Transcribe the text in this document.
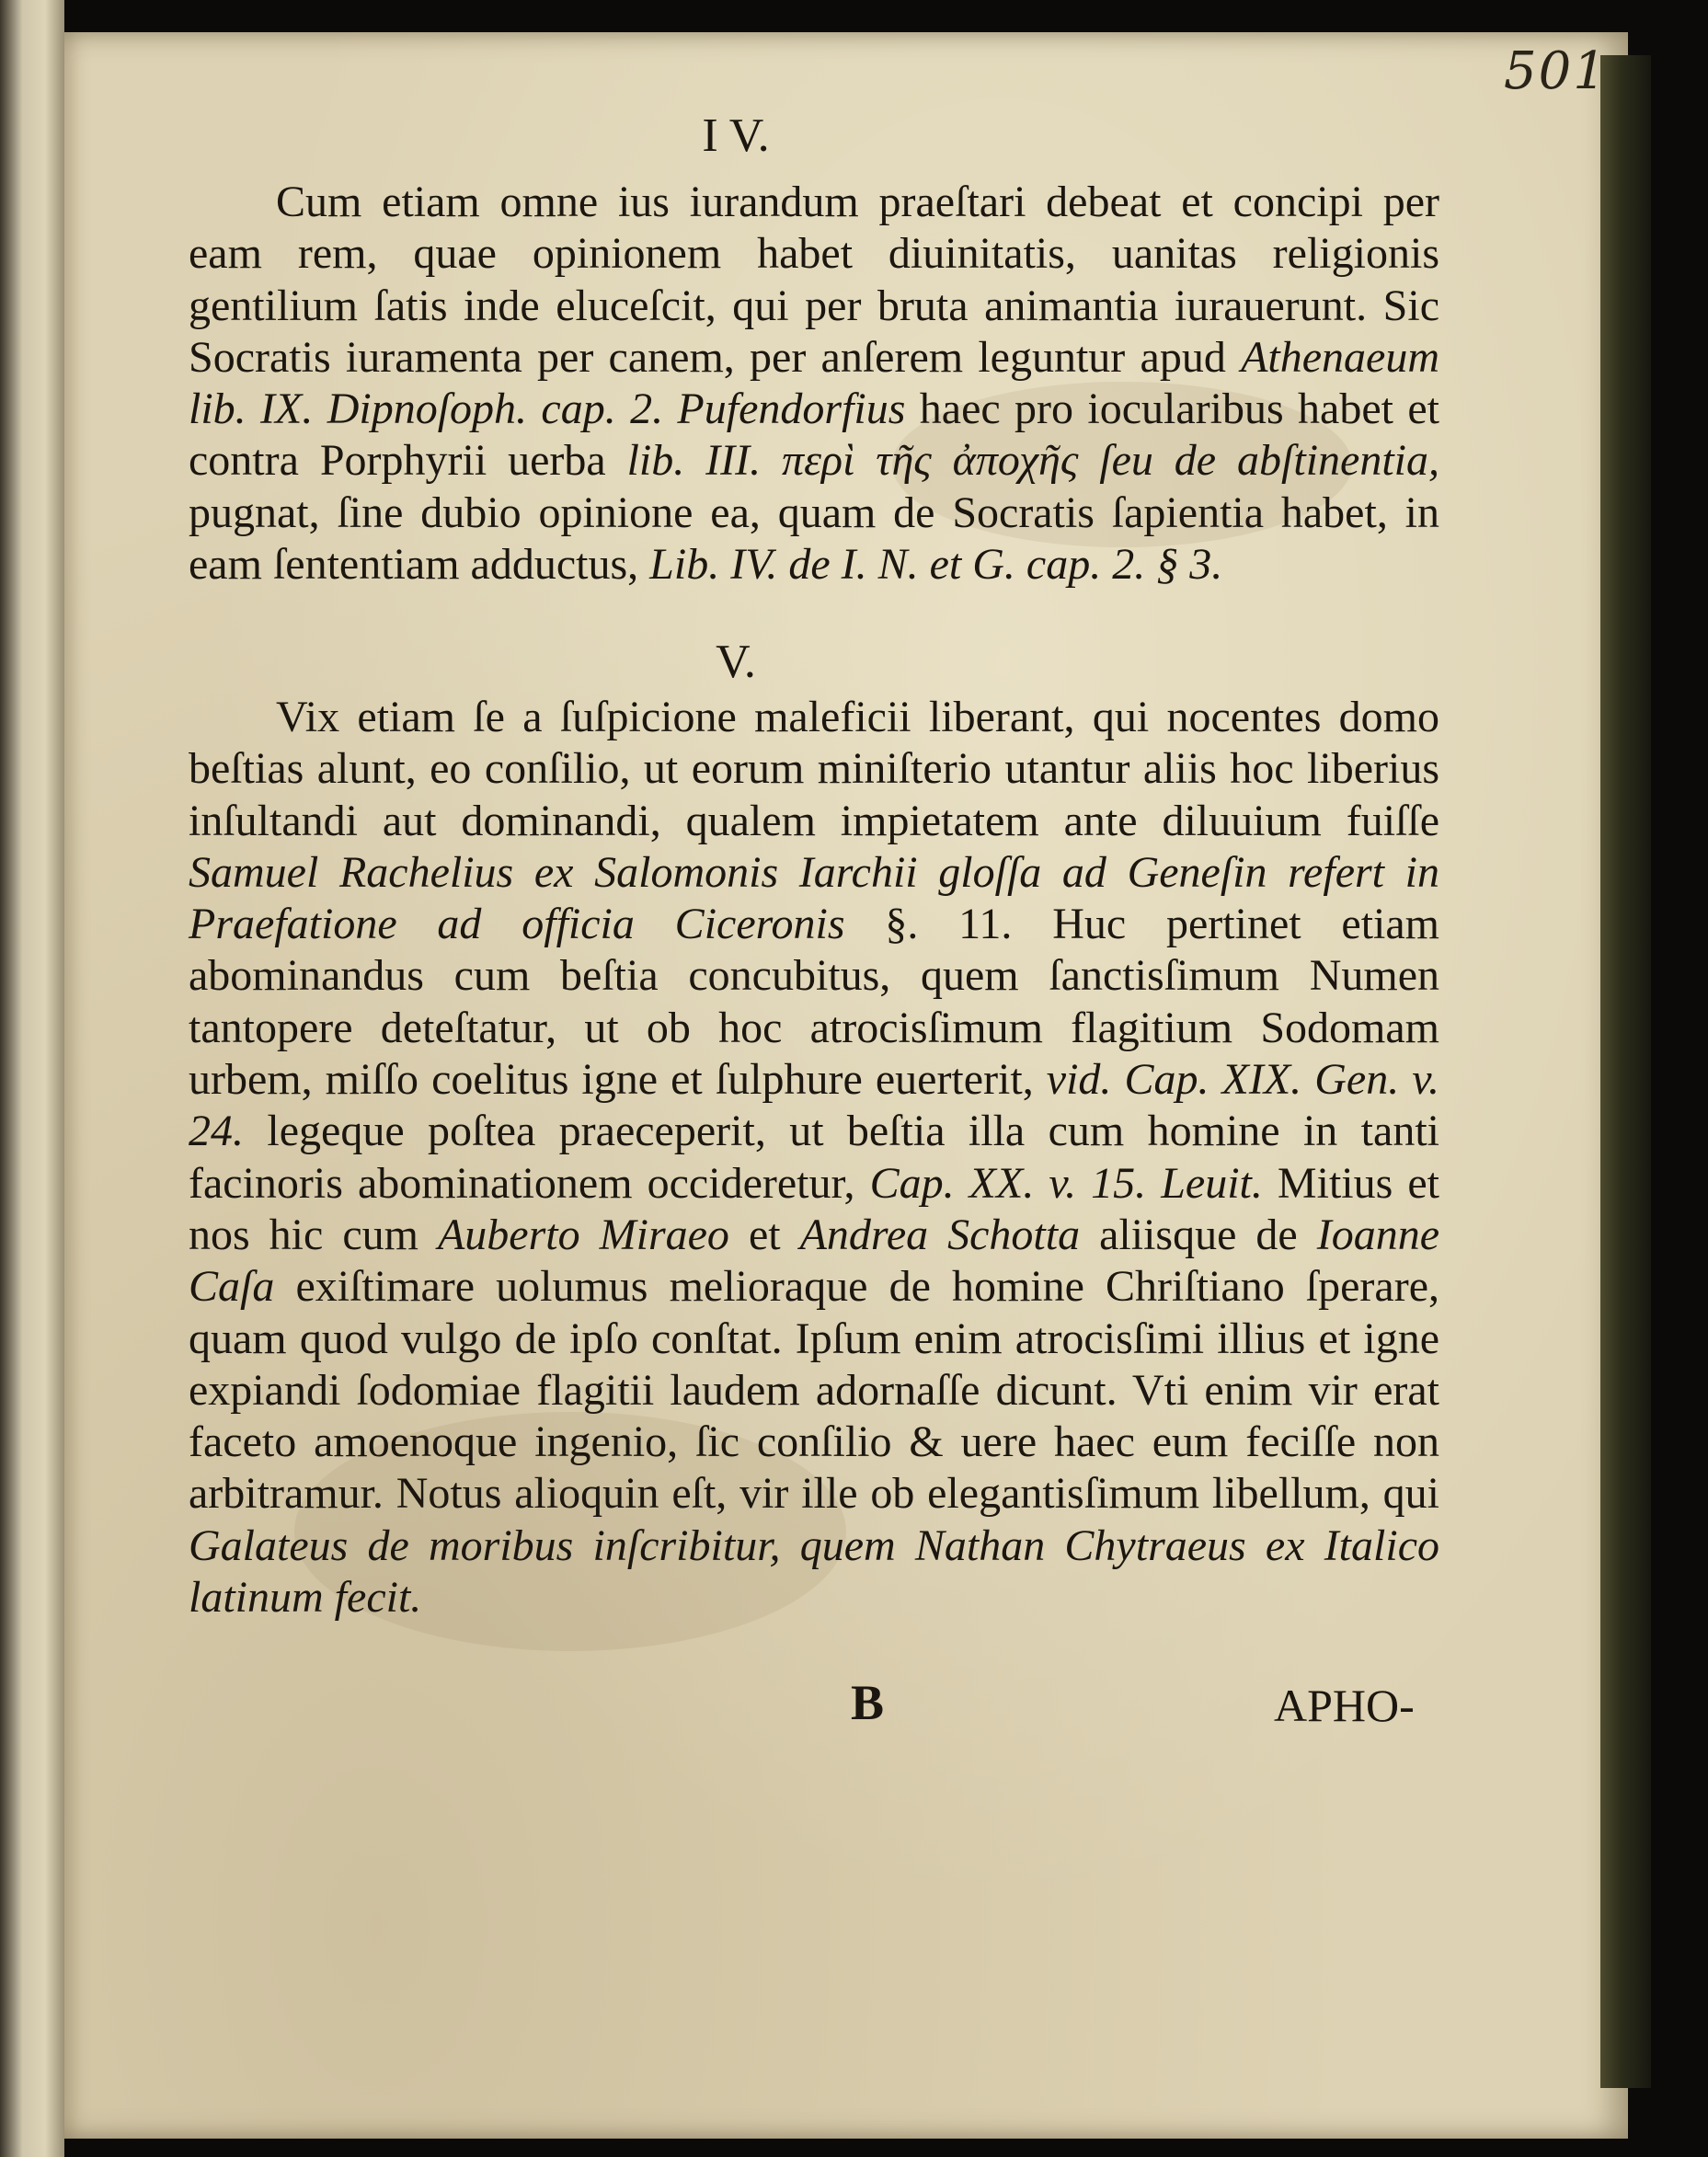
501
I V.

Cum etiam omne ius iurandum praeſtari debeat et concipi per eam rem, quae opinionem habet diuinitatis, uanitas religionis gentilium ſatis inde eluceſcit, qui per bruta animantia iurauerunt. Sic Socratis iuramenta per canem, per anſerem leguntur apud Athenaeum lib. IX. Dipnoſoph. cap. 2. Pufendorfius haec pro iocularibus habet et contra Porphyrii uerba lib. III. περὶ τῆς ἀποχῆς ſeu de abſtinentia, pugnat, ſine dubio opinione ea, quam de Socratis ſapientia habet, in eam ſententiam adductus, Lib. IV. de I. N. et G. cap. 2. § 3.

V.

Vix etiam ſe a ſuſpicione maleficii liberant, qui nocentes domo beſtias alunt, eo conſilio, ut eorum miniſterio utantur aliis hoc liberius inſultandi aut dominandi, qualem impietatem ante diluuium fuiſſe Samuel Rachelius ex Salomonis Iarchii gloſſa ad Geneſin refert in Praefatione ad officia Ciceronis §. 11. Huc pertinet etiam abominandus cum beſtia concubitus, quem ſanctisſimum Numen tantopere deteſtatur, ut ob hoc atrocisſimum flagitium Sodomam urbem, miſſo coelitus igne et ſulphure euerterit, vid. Cap. XIX. Gen. v. 24. legeque poſtea praeceperit, ut beſtia illa cum homine in tanti facinoris abominationem occideretur, Cap. XX. v. 15. Leuit. Mitius et nos hic cum Auberto Miraeo et Andrea Schotta aliisque de Ioanne Caſa exiſtimare uolumus melioraque de homine Chriſtiano ſperare, quam quod vulgo de ipſo conſtat. Ipſum enim atrocisſimi illius et igne expiandi ſodomiae flagitii laudem adornaſſe dicunt. Vti enim vir erat faceto amoenoque ingenio, ſic conſilio & uere haec eum feciſſe non arbitramur. Notus alioquin eſt, vir ille ob elegantisſimum libellum, qui Galateus de moribus inſcribitur, quem Nathan Chytraeus ex Italico latinum fecit.

B	APHO-
